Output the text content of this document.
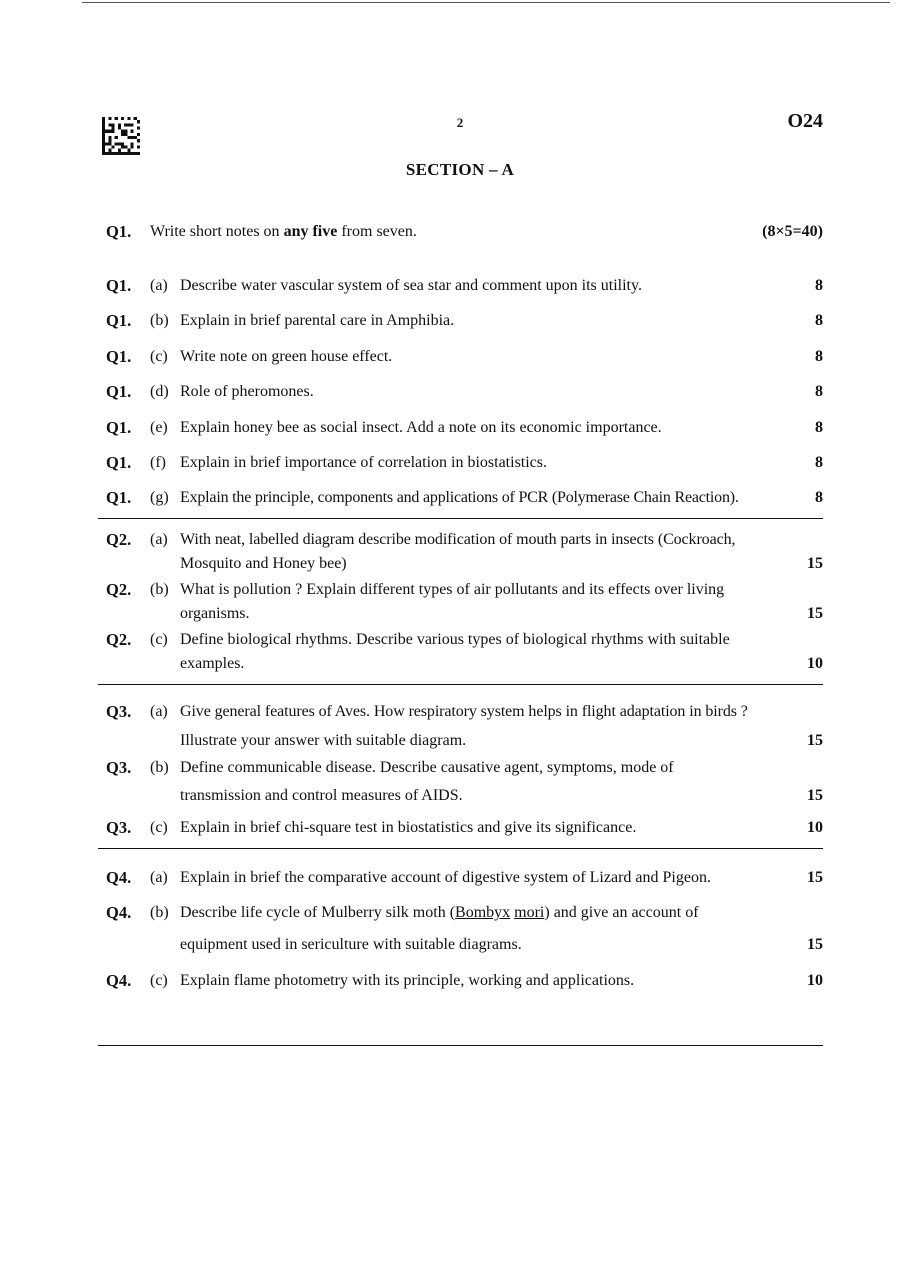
2	O24
SECTION – A
Q1. Write short notes on any five from seven.	(8×5=40)
Q1. (a) Describe water vascular system of sea star and comment upon its utility.	8
Q1. (b) Explain in brief parental care in Amphibia.	8
Q1. (c) Write note on green house effect.	8
Q1. (d) Role of pheromones.	8
Q1. (e) Explain honey bee as social insect. Add a note on its economic importance.	8
Q1. (f) Explain in brief importance of correlation in biostatistics.	8
Q1. (g) Explain the principle, components and applications of PCR (Polymerase Chain Reaction).	8
Q2. (a) With neat, labelled diagram describe modification of mouth parts in insects (Cockroach,
Mosquito and Honey bee)	15
Q2. (b) What is pollution ? Explain different types of air pollutants and its effects over living
organisms.	15
Q2. (c) Define biological rhythms. Describe various types of biological rhythms with suitable
examples.	10
Q3. (a) Give general features of Aves. How respiratory system helps in flight adaptation in birds ?
Illustrate your answer with suitable diagram.	15
Q3. (b) Define communicable disease. Describe causative agent, symptoms, mode of
transmission and control measures of AIDS.	15
Q3. (c) Explain in brief chi-square test in biostatistics and give its significance.	10
Q4. (a) Explain in brief the comparative account of digestive system of Lizard and Pigeon.	15
Q4. (b) Describe life cycle of Mulberry silk moth (Bombyx mori) and give an account of
equipment used in sericulture with suitable diagrams.	15
Q4. (c) Explain flame photometry with its principle, working and applications.	10
